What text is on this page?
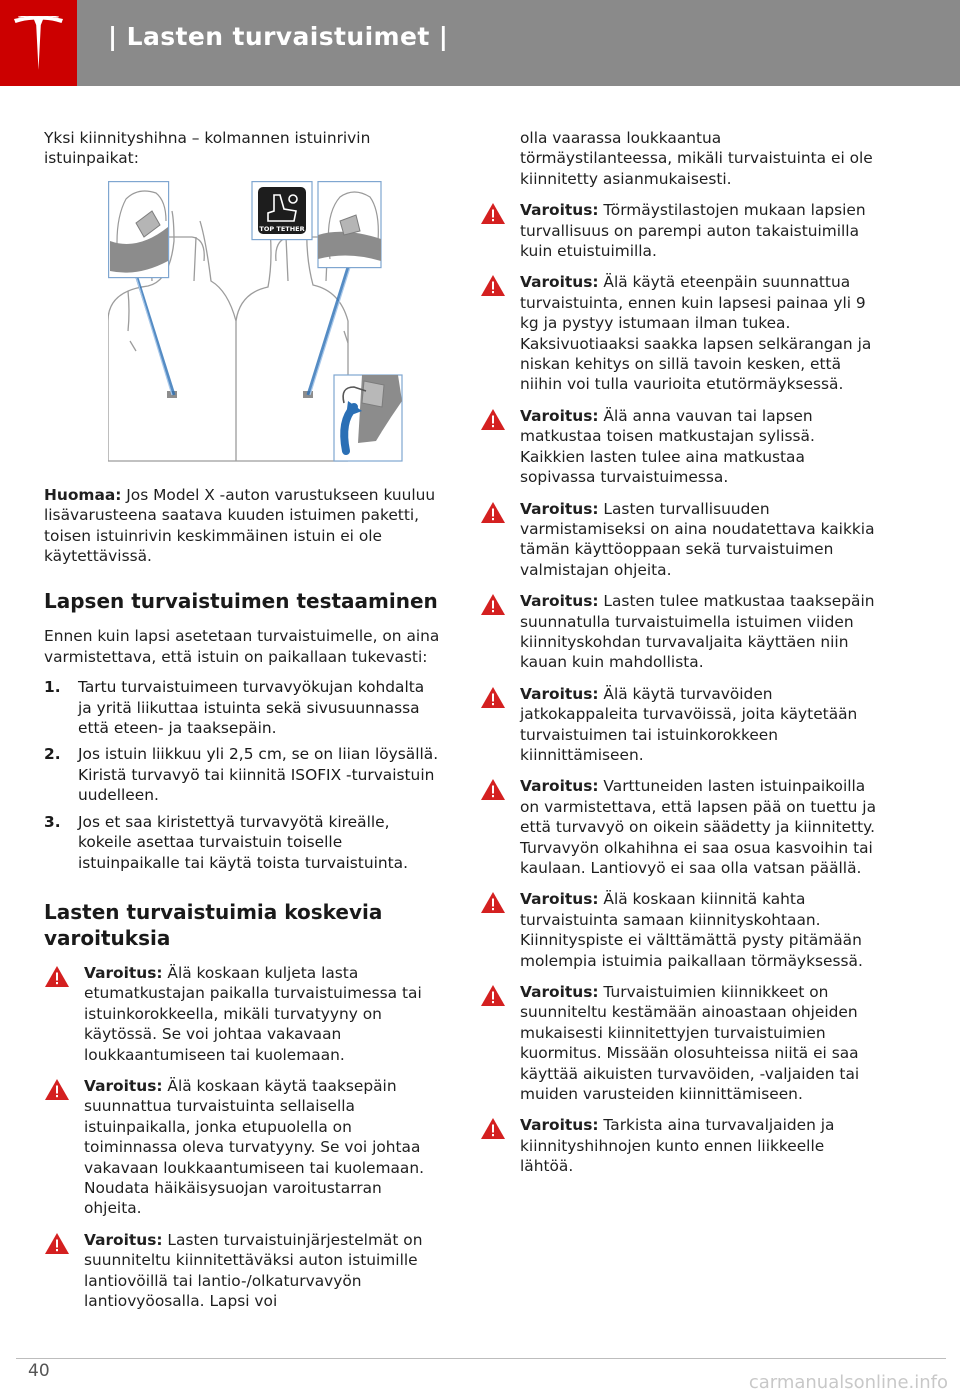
| Lasten turvaistuimet |

Yksi kiinnityshihna – kolmannen istuinrivin istuinpaikat:

TOP TETHER

Huomaa: Jos Model X -auton varustukseen kuuluu lisävarusteena saatava kuuden istuimen paketti, toisen istuinrivin keskimmäinen istuin ei ole käytettävissä.

Lapsen turvaistuimen testaaminen

Ennen kuin lapsi asetetaan turvaistuimelle, on aina varmistettava, että istuin on paikallaan tukevasti:

1. Tartu turvaistuimeen turvavyökujan kohdalta ja yritä liikuttaa istuinta sekä sivusuunnassa että eteen- ja taaksepäin.
2. Jos istuin liikkuu yli 2,5 cm, se on liian löysällä. Kiristä turvavyö tai kiinnitä ISOFIX -turvaistuin uudelleen.
3. Jos et saa kiristettyä turvavyötä kireälle, kokeile asettaa turvaistuin toiselle istuinpaikalle tai käytä toista turvaistuinta.
Lasten turvaistuimia koskevia varoituksia

Varoitus: Älä koskaan kuljeta lasta etumatkustajan paikalla turvaistuimessa tai istuinkorokkeella, mikäli turvatyyny on käytössä. Se voi johtaa vakavaan loukkaantumiseen tai kuolemaan.

Varoitus: Älä koskaan käytä taaksepäin suunnattua turvaistuinta sellaisella istuinpaikalla, jonka etupuolella on toiminnassa oleva turvatyyny. Se voi johtaa vakavaan loukkaantumiseen tai kuolemaan. Noudata häikäisysuojan varoitustarran ohjeita.

Varoitus: Lasten turvaistuinjärjestelmät on suunniteltu kiinnitettäväksi auton istuimille lantiovöillä tai lantio-/olkaturvavyön lantiovyöosalla. Lapsi voi

olla vaarassa loukkaantua törmäystilanteessa, mikäli turvaistuinta ei ole kiinnitetty asianmukaisesti.

Varoitus: Törmäystilastojen mukaan lapsien turvallisuus on parempi auton takaistuimilla kuin etuistuimilla.

Varoitus: Älä käytä eteenpäin suunnattua turvaistuinta, ennen kuin lapsesi painaa yli 9 kg ja pystyy istumaan ilman tukea. Kaksivuotiaaksi saakka lapsen selkärangan ja niskan kehitys on sillä tavoin kesken, että niihin voi tulla vaurioita etutörmäyksessä.

Varoitus: Älä anna vauvan tai lapsen matkustaa toisen matkustajan sylissä. Kaikkien lasten tulee aina matkustaa sopivassa turvaistuimessa.

Varoitus: Lasten turvallisuuden varmistamiseksi on aina noudatettava kaikkia tämän käyttöoppaan sekä turvaistuimen valmistajan ohjeita.

Varoitus: Lasten tulee matkustaa taaksepäin suunnatulla turvaistuimella istuimen viiden kiinnityskohdan turvavaljaita käyttäen niin kauan kuin mahdollista.

Varoitus: Älä käytä turvavöiden jatkokappaleita turvavöissä, joita käytetään turvaistuimen tai istuinkorokkeen kiinnittämiseen.

Varoitus: Varttuneiden lasten istuinpaikoilla on varmistettava, että lapsen pää on tuettu ja että turvavyö on oikein säädetty ja kiinnitetty. Turvavyön olkahihna ei saa osua kasvoihin tai kaulaan. Lantiovyö ei saa olla vatsan päällä.

Varoitus: Älä koskaan kiinnitä kahta turvaistuinta samaan kiinnityskohtaan. Kiinnityspiste ei välttämättä pysty pitämään molempia istuimia paikallaan törmäyksessä.

Varoitus: Turvaistuimien kiinnikkeet on suunniteltu kestämään ainoastaan ohjeiden mukaisesti kiinnitettyjen turvaistuimien kuormitus. Missään olosuhteissa niitä ei saa käyttää aikuisten turvavöiden, -valjaiden tai muiden varusteiden kiinnittämiseen.

Varoitus: Tarkista aina turvavaljaiden ja kiinnityshihnojen kunto ennen liikkeelle lähtöä.

40
carmanualsonline.info
